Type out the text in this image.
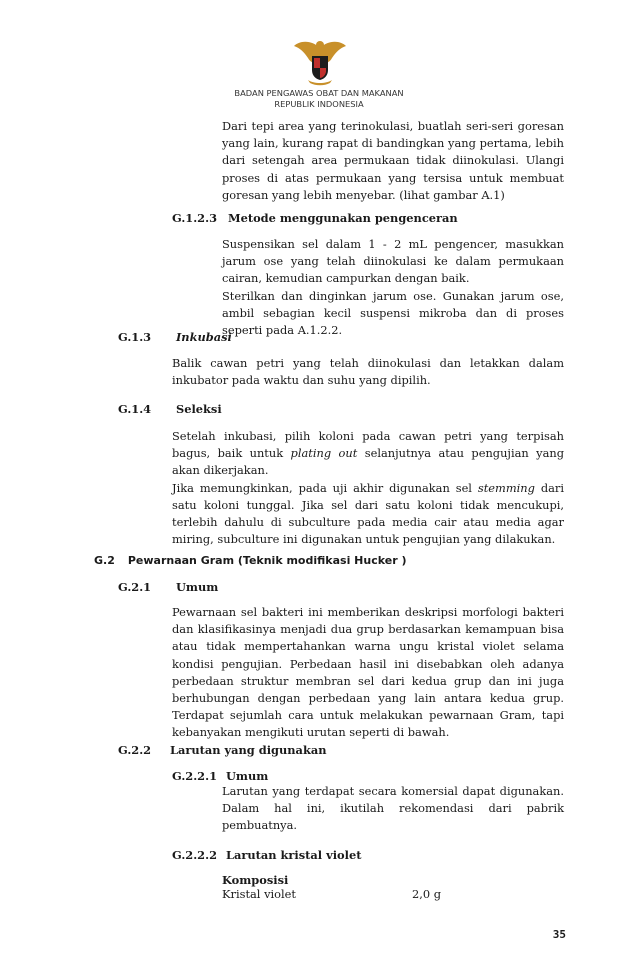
BADAN PENGAWAS OBAT DAN MAKANAN
REPUBLIK INDONESIA

Dari tepi area yang terinokulasi, buatlah seri-seri goresan yang lain, kurang rapat di bandingkan yang pertama, lebih dari setengah area permukaan tidak diinokulasi. Ulangi proses di atas permukaan yang tersisa untuk membuat goresan yang lebih menyebar. (lihat gambar A.1)

G.1.2.3 Metode menggunakan pengenceran

Suspensikan sel dalam 1 - 2 mL pengencer, masukkan jarum ose yang telah diinokulasi ke dalam permukaan cairan, kemudian campurkan dengan baik.

Sterilkan dan dinginkan jarum ose. Gunakan jarum ose, ambil sebagian kecil suspensi mikroba dan di proses seperti pada A.1.2.2.

G.1.3 Inkubasi

Balik cawan petri yang telah diinokulasi dan letakkan dalam inkubator pada waktu dan suhu yang dipilih.

G.1.4 Seleksi

Setelah inkubasi, pilih koloni pada cawan petri yang terpisah bagus, baik untuk plating out selanjutnya atau pengujian yang akan dikerjakan.

Jika memungkinkan, pada uji akhir digunakan sel stemming dari satu koloni tunggal. Jika sel dari satu koloni tidak mencukupi, terlebih dahulu di subculture pada media cair atau media agar miring, subculture ini digunakan untuk pengujian yang dilakukan.

G.2 Pewarnaan Gram (Teknik modifikasi Hucker )
G.2.1 Umum

Pewarnaan sel bakteri ini memberikan deskripsi morfologi bakteri dan klasifikasinya menjadi dua grup berdasarkan kemampuan bisa atau tidak mempertahankan warna ungu kristal violet selama kondisi pengujian. Perbedaan hasil ini disebabkan oleh adanya perbedaan struktur membran sel dari kedua grup dan ini juga berhubungan dengan perbedaan yang lain antara kedua grup. Terdapat sejumlah cara untuk melakukan pewarnaan Gram, tapi kebanyakan mengikuti urutan seperti di bawah.

G.2.2 Larutan yang digunakan
G.2.2.1 Umum

Larutan yang terdapat secara komersial dapat digunakan. Dalam hal ini, ikutilah rekomendasi dari pabrik pembuatnya.

G.2.2.2 Larutan kristal violet
Komposisi
Kristal violet	2,0 g
35
